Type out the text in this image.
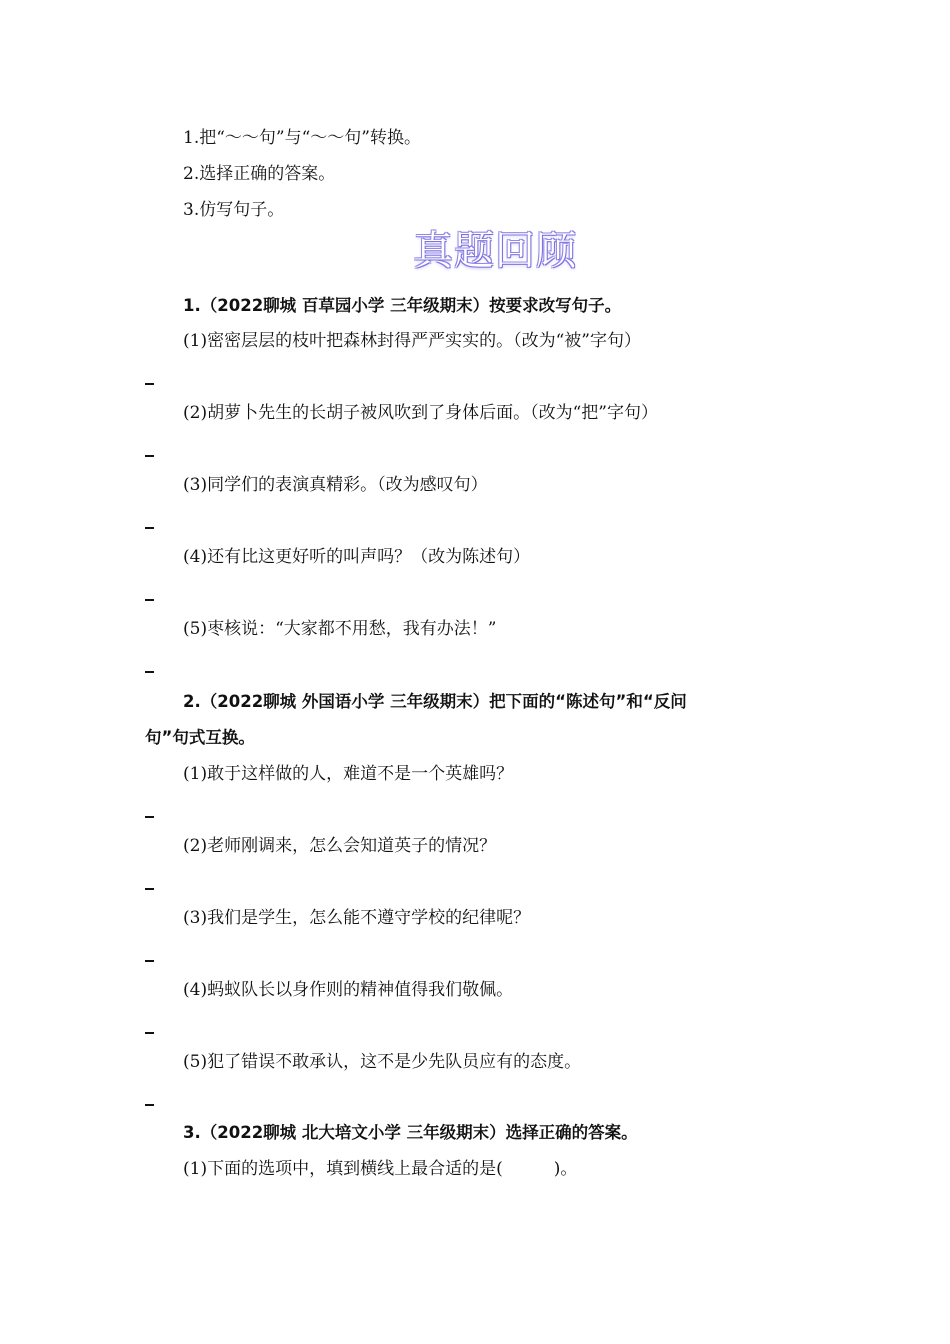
1.把“～～句”与“～～句”转换。
2.选择正确的答案。
3.仿写句子。
真题回顾
1.（2022聊城 百草园小学 三年级期末）按要求改写句子。
(1)密密层层的枝叶把森林封得严严实实的。（改为“被”字句）
(2)胡萝卜先生的长胡子被风吹到了身体后面。（改为“把”字句）
(3)同学们的表演真精彩。（改为感叹句）
(4)还有比这更好听的叫声吗？（改为陈述句）
(5)枣核说：“大家都不用愁，我有办法！”
2.（2022聊城 外国语小学 三年级期末）把下面的“陈述句”和“反问
句”句式互换。
(1)敢于这样做的人，难道不是一个英雄吗？
(2)老师刚调来，怎么会知道英子的情况？
(3)我们是学生，怎么能不遵守学校的纪律呢？
(4)蚂蚁队长以身作则的精神值得我们敬佩。
(5)犯了错误不敢承认，这不是少先队员应有的态度。
3.（2022聊城 北大培文小学 三年级期末）选择正确的答案。
(1)下面的选项中，填到横线上最合适的是(　　　)。
